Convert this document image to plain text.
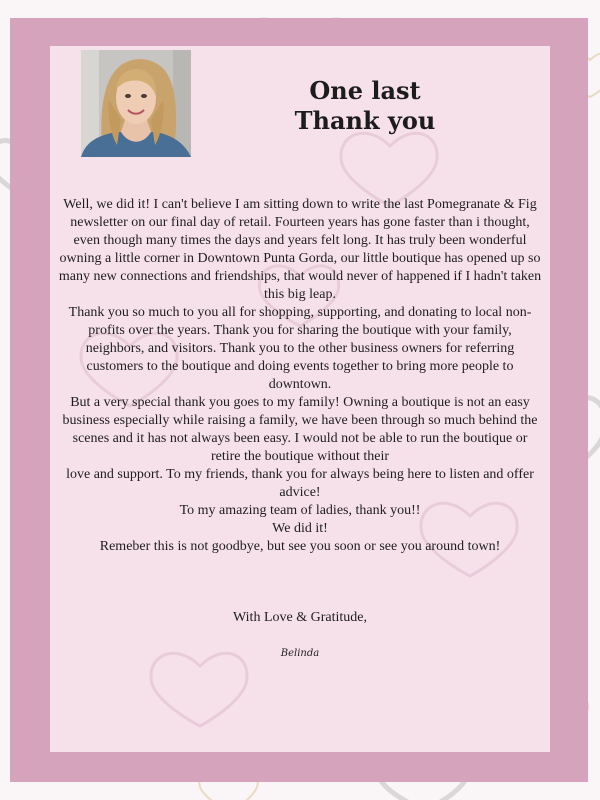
One last
Thank you

Well, we did it! I can't believe I am sitting down to write the last Pomegranate & Fig newsletter on our final day of retail. Fourteen years has gone faster than i thought, even though many times the days and years felt long. It has truly been wonderful owning a little corner in Downtown Punta Gorda, our little boutique has opened up so many new connections and friendships, that would never of happened if I hadn't taken this big leap.

Thank you so much to you all for shopping, supporting, and donating to local non-profits over the years. Thank you for sharing the boutique with your family, neighbors, and visitors. Thank you to the other business owners for referring customers to the boutique and doing events together to bring more people to downtown.

But a very special thank you goes to my family! Owning a boutique is not an easy business especially while raising a family, we have been through so much behind the scenes and it has not always been easy. I would not be able to run the boutique or retire the boutique without their

love and support. To my friends, thank you for always being here to listen and offer advice!

To my amazing team of ladies, thank you!!

We did it!

Remeber this is not goodbye, but see you soon or see you around town!

With Love & Gratitude,
Belinda
